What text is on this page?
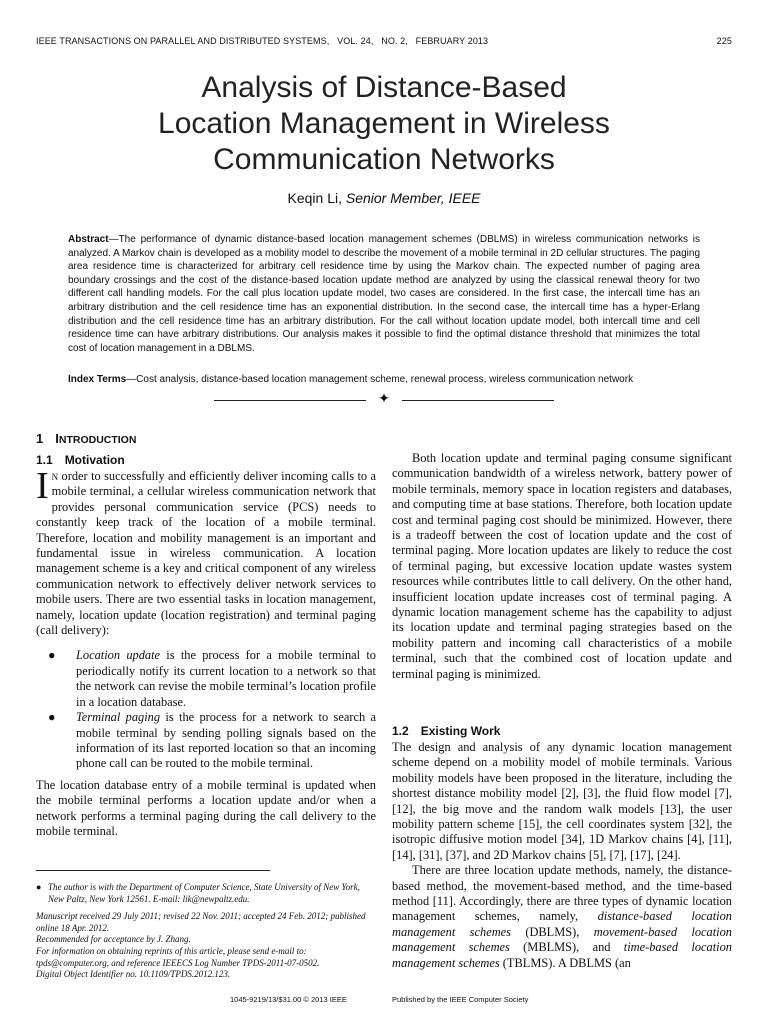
IEEE TRANSACTIONS ON PARALLEL AND DISTRIBUTED SYSTEMS,   VOL. 24,   NO. 2,   FEBRUARY 2013	225
Analysis of Distance-Based
Location Management in Wireless
Communication Networks
Keqin Li, Senior Member, IEEE
Abstract—The performance of dynamic distance-based location management schemes (DBLMS) in wireless communication networks is analyzed. A Markov chain is developed as a mobility model to describe the movement of a mobile terminal in 2D cellular structures. The paging area residence time is characterized for arbitrary cell residence time by using the Markov chain. The expected number of paging area boundary crossings and the cost of the distance-based location update method are analyzed by using the classical renewal theory for two different call handling models. For the call plus location update model, two cases are considered. In the first case, the intercall time has an arbitrary distribution and the cell residence time has an exponential distribution. In the second case, the intercall time has a hyper-Erlang distribution and the cell residence time has an arbitrary distribution. For the call without location update model, both intercall time and cell residence time can have arbitrary distributions. Our analysis makes it possible to find the optimal distance threshold that minimizes the total cost of location management in a DBLMS.
Index Terms—Cost analysis, distance-based location management scheme, renewal process, wireless communication network
✦
1 INTRODUCTION
1.1 Motivation

In order to successfully and efficiently deliver incoming calls to a mobile terminal, a cellular wireless communication network that provides personal communication service (PCS) needs to constantly keep track of the location of a mobile terminal. Therefore, location and mobility management is an important and fundamental issue in wireless communication. A location management scheme is a key and critical component of any wireless communication network to effectively deliver network services to mobile users. There are two essential tasks in location management, namely, location update (location registration) and terminal paging (call delivery):

● Location update is the process for a mobile terminal to periodically notify its current location to a network so that the network can revise the mobile terminal’s location profile in a location database.
● Terminal paging is the process for a network to search a mobile terminal by sending polling signals based on the information of its last reported location so that an incoming phone call can be routed to the mobile terminal.

The location database entry of a mobile terminal is updated when the mobile terminal performs a location update and/or when a network performs a terminal paging during the call delivery to the mobile terminal.

Both location update and terminal paging consume significant communication bandwidth of a wireless network, battery power of mobile terminals, memory space in location registers and databases, and computing time at base stations. Therefore, both location update cost and terminal paging cost should be minimized. However, there is a tradeoff between the cost of location update and the cost of terminal paging. More location updates are likely to reduce the cost of terminal paging, but excessive location update wastes system resources while contributes little to call delivery. On the other hand, insufficient location update increases cost of terminal paging. A dynamic location management scheme has the capability to adjust its location update and terminal paging strategies based on the mobility pattern and incoming call characteristics of a mobile terminal, such that the combined cost of location update and terminal paging is minimized.

1.2 Existing Work

The design and analysis of any dynamic location management scheme depend on a mobility model of mobile terminals. Various mobility models have been proposed in the literature, including the shortest distance mobility model [2], [3], the fluid flow model [7], [12], the big move and the random walk models [13], the user mobility pattern scheme [15], the cell coordinates system [32], the isotropic diffusive motion model [34], 1D Markov chains [4], [11], [14], [31], [37], and 2D Markov chains [5], [7], [17], [24].

There are three location update methods, namely, the distance-based method, the movement-based method, and the time-based method [11]. Accordingly, there are three types of dynamic location management schemes, namely, distance-based location management schemes (DBLMS), movement-based location management schemes (MBLMS), and time-based location management schemes (TBLMS). A DBLMS (an

● The author is with the Department of Computer Science, State University of New York, New Paltz, New York 12561. E-mail: lik@newpaltz.edu.

Manuscript received 29 July 2011; revised 22 Nov. 2011; accepted 24 Feb. 2012; published online 18 Apr. 2012.

Recommended for acceptance by J. Zhang.

For information on obtaining reprints of this article, please send e-mail to: tpds@computer.org, and reference IEEECS Log Number TPDS-2011-07-0502.

Digital Object Identifier no. 10.1109/TPDS.2012.123.

1045-9219/13/$31.00 © 2013 IEEE	Published by the IEEE Computer Society
